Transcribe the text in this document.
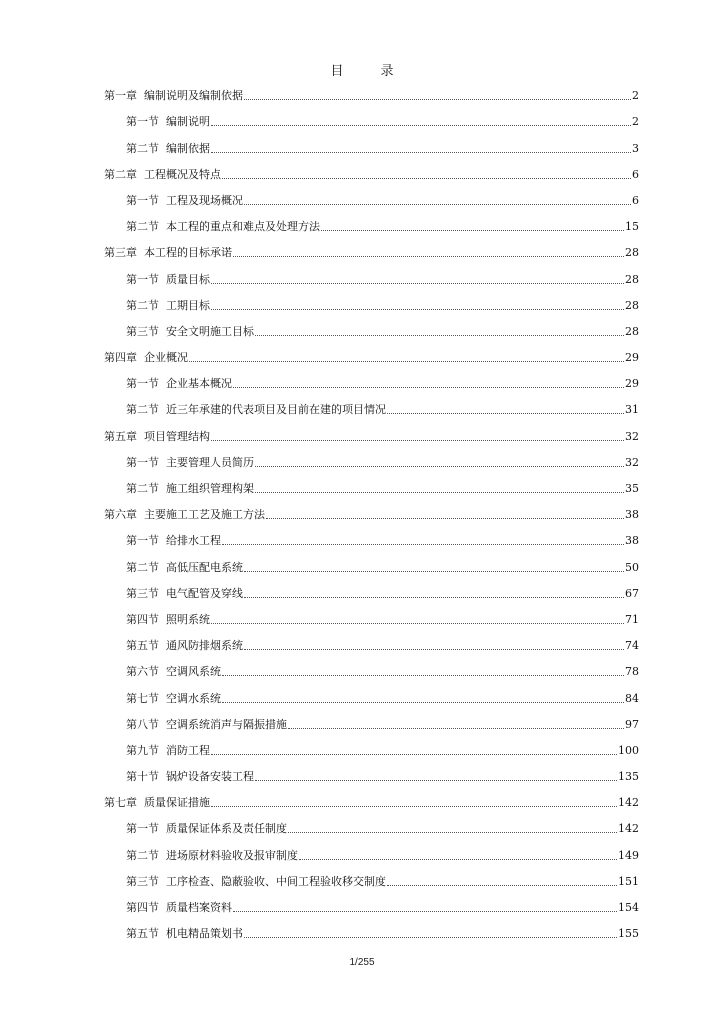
目　录
第一章 编制说明及编制依据	2
第一节 编制说明	2
第二节 编制依据	3
第二章 工程概况及特点	6
第一节 工程及现场概况	6
第二节 本工程的重点和难点及处理方法	15
第三章 本工程的目标承诺	28
第一节 质量目标	28
第二节 工期目标	28
第三节 安全文明施工目标	28
第四章 企业概况	29
第一节 企业基本概况	29
第二节 近三年承建的代表项目及目前在建的项目情况	31
第五章 项目管理结构	32
第一节 主要管理人员简历	32
第二节 施工组织管理构架	35
第六章 主要施工工艺及施工方法	38
第一节 给排水工程	38
第二节 高低压配电系统	50
第三节 电气配管及穿线	67
第四节 照明系统	71
第五节 通风防排烟系统	74
第六节 空调风系统	78
第七节 空调水系统	84
第八节 空调系统消声与隔振措施	97
第九节 消防工程	100
第十节 锅炉设备安装工程	135
第七章 质量保证措施	142
第一节 质量保证体系及责任制度	142
第二节 进场原材料验收及报审制度	149
第三节 工序检查、隐蔽验收、中间工程验收移交制度	151
第四节 质量档案资料	154
第五节 机电精品策划书	155
1/255
